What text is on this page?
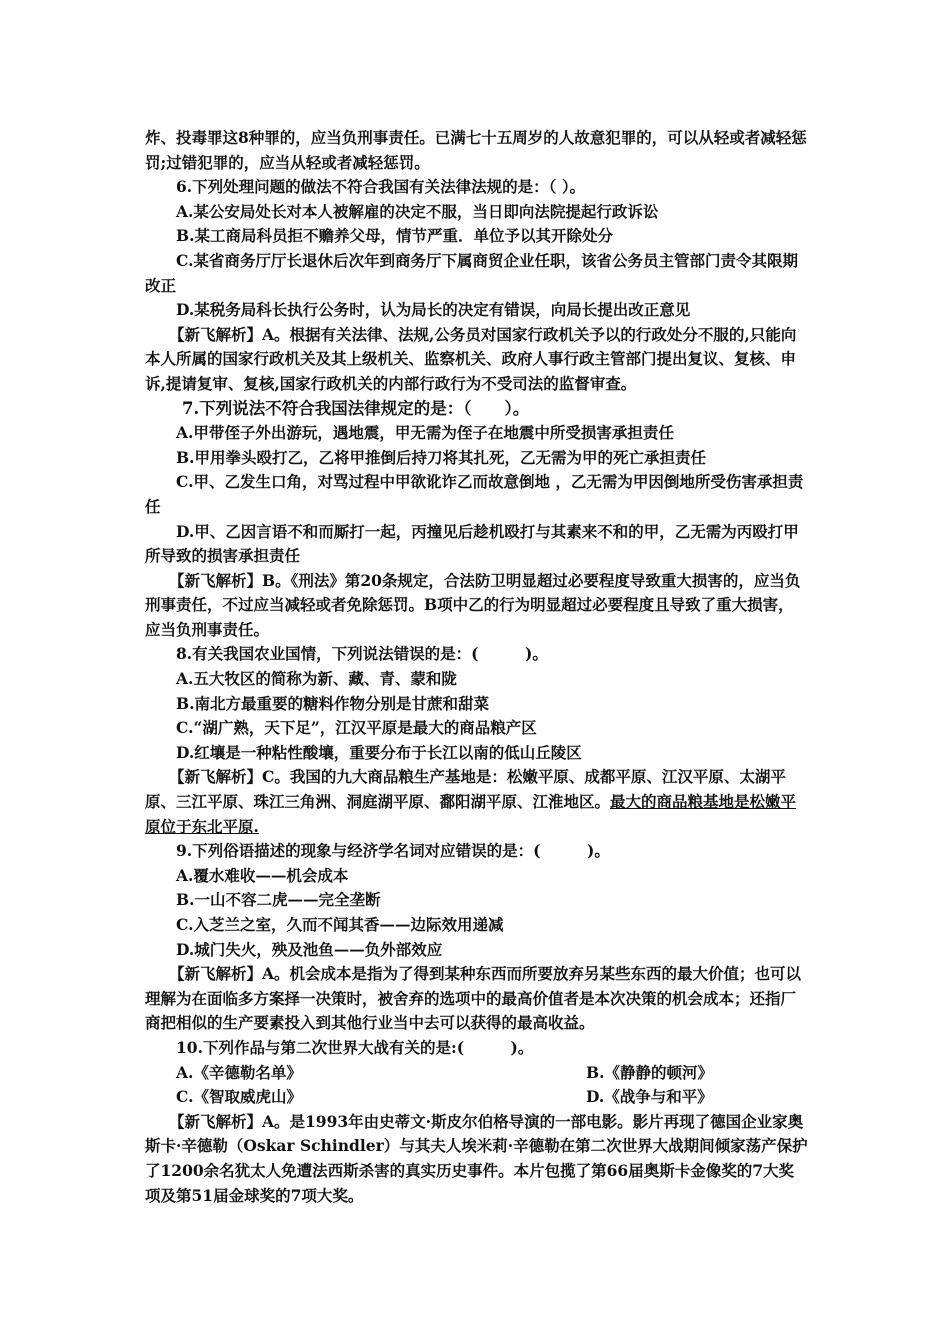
炸、投毒罪这8种罪的，应当负刑事责任。已满七十五周岁的人故意犯罪的，可以从轻或者减轻惩罚;过错犯罪的，应当从轻或者减轻惩罚。

6.下列处理问题的做法不符合我国有关法律法规的是：（ ）。

A.某公安局处长对本人被解雇的决定不服，当日即向法院提起行政诉讼

B.某工商局科员拒不赡养父母，情节严重．单位予以其开除处分

C.某省商务厅厅长退休后次年到商务厅下属商贸企业任职，该省公务员主管部门责令其限期改正

D.某税务局科长执行公务时，认为局长的决定有错误，向局长提出改正意见

【新飞解析】A。根据有关法律、法规,公务员对国家行政机关予以的行政处分不服的,只能向本人所属的国家行政机关及其上级机关、监察机关、政府人事行政主管部门提出复议、复核、申诉,提请复审、复核,国家行政机关的内部行政行为不受司法的监督审查。

7.下列说法不符合我国法律规定的是：（　　）。

A.甲带侄子外出游玩，遇地震，甲无需为侄子在地震中所受损害承担责任

B.甲用拳头殴打乙，乙将甲推倒后持刀将其扎死，乙无需为甲的死亡承担责任

C.甲、乙发生口角，对骂过程中甲欲讹诈乙而故意倒地 ，乙无需为甲因倒地所受伤害承担责任

D.甲、乙因言语不和而厮打一起，丙撞见后趁机殴打与其素来不和的甲，乙无需为丙殴打甲所导致的损害承担责任

【新飞解析】B。《刑法》第20条规定，合法防卫明显超过必要程度导致重大损害的，应当负刑事责任，不过应当减轻或者免除惩罚。B项中乙的行为明显超过必要程度且导致了重大损害，应当负刑事责任。

8.有关我国农业国情，下列说法错误的是：(　　　)。

A.五大牧区的简称为新、藏、青、蒙和陇

B.南北方最重要的糖料作物分别是甘蔗和甜菜

C.“湖广熟，天下足”，江汉平原是最大的商品粮产区

D.红壤是一种粘性酸壤，重要分布于长江以南的低山丘陵区

【新飞解析】C。我国的九大商品粮生产基地是：松嫩平原、成都平原、江汉平原、太湖平原、三江平原、珠江三角洲、洞庭湖平原、鄱阳湖平原、江淮地区。最大的商品粮基地是松嫩平原位于东北平原.

9.下列俗语描述的现象与经济学名词对应错误的是：(　　　)。

A.覆水难收——机会成本

B.一山不容二虎——完全垄断

C.入芝兰之室，久而不闻其香——边际效用递减

D.城门失火，殃及池鱼——负外部效应

【新飞解析】A。机会成本是指为了得到某种东西而所要放弃另某些东西的最大价值；也可以理解为在面临多方案择一决策时，被舍弃的选项中的最高价值者是本次决策的机会成本；还指厂商把相似的生产要素投入到其他行业当中去可以获得的最高收益。

10.下列作品与第二次世界大战有关的是:(　　　)。

A.《辛德勒名单》	B.《静静的顿河》
C.《智取威虎山》	D.《战争与和平》

【新飞解析】A。是1993年由史蒂文·斯皮尔伯格导演的一部电影。影片再现了德国企业家奥斯卡·辛德勒（Oskar Schindler）与其夫人埃米莉·辛德勒在第二次世界大战期间倾家荡产保护了1200余名犹太人免遭法西斯杀害的真实历史事件。本片包揽了第66届奥斯卡金像奖的7大奖项及第51届金球奖的7项大奖。
